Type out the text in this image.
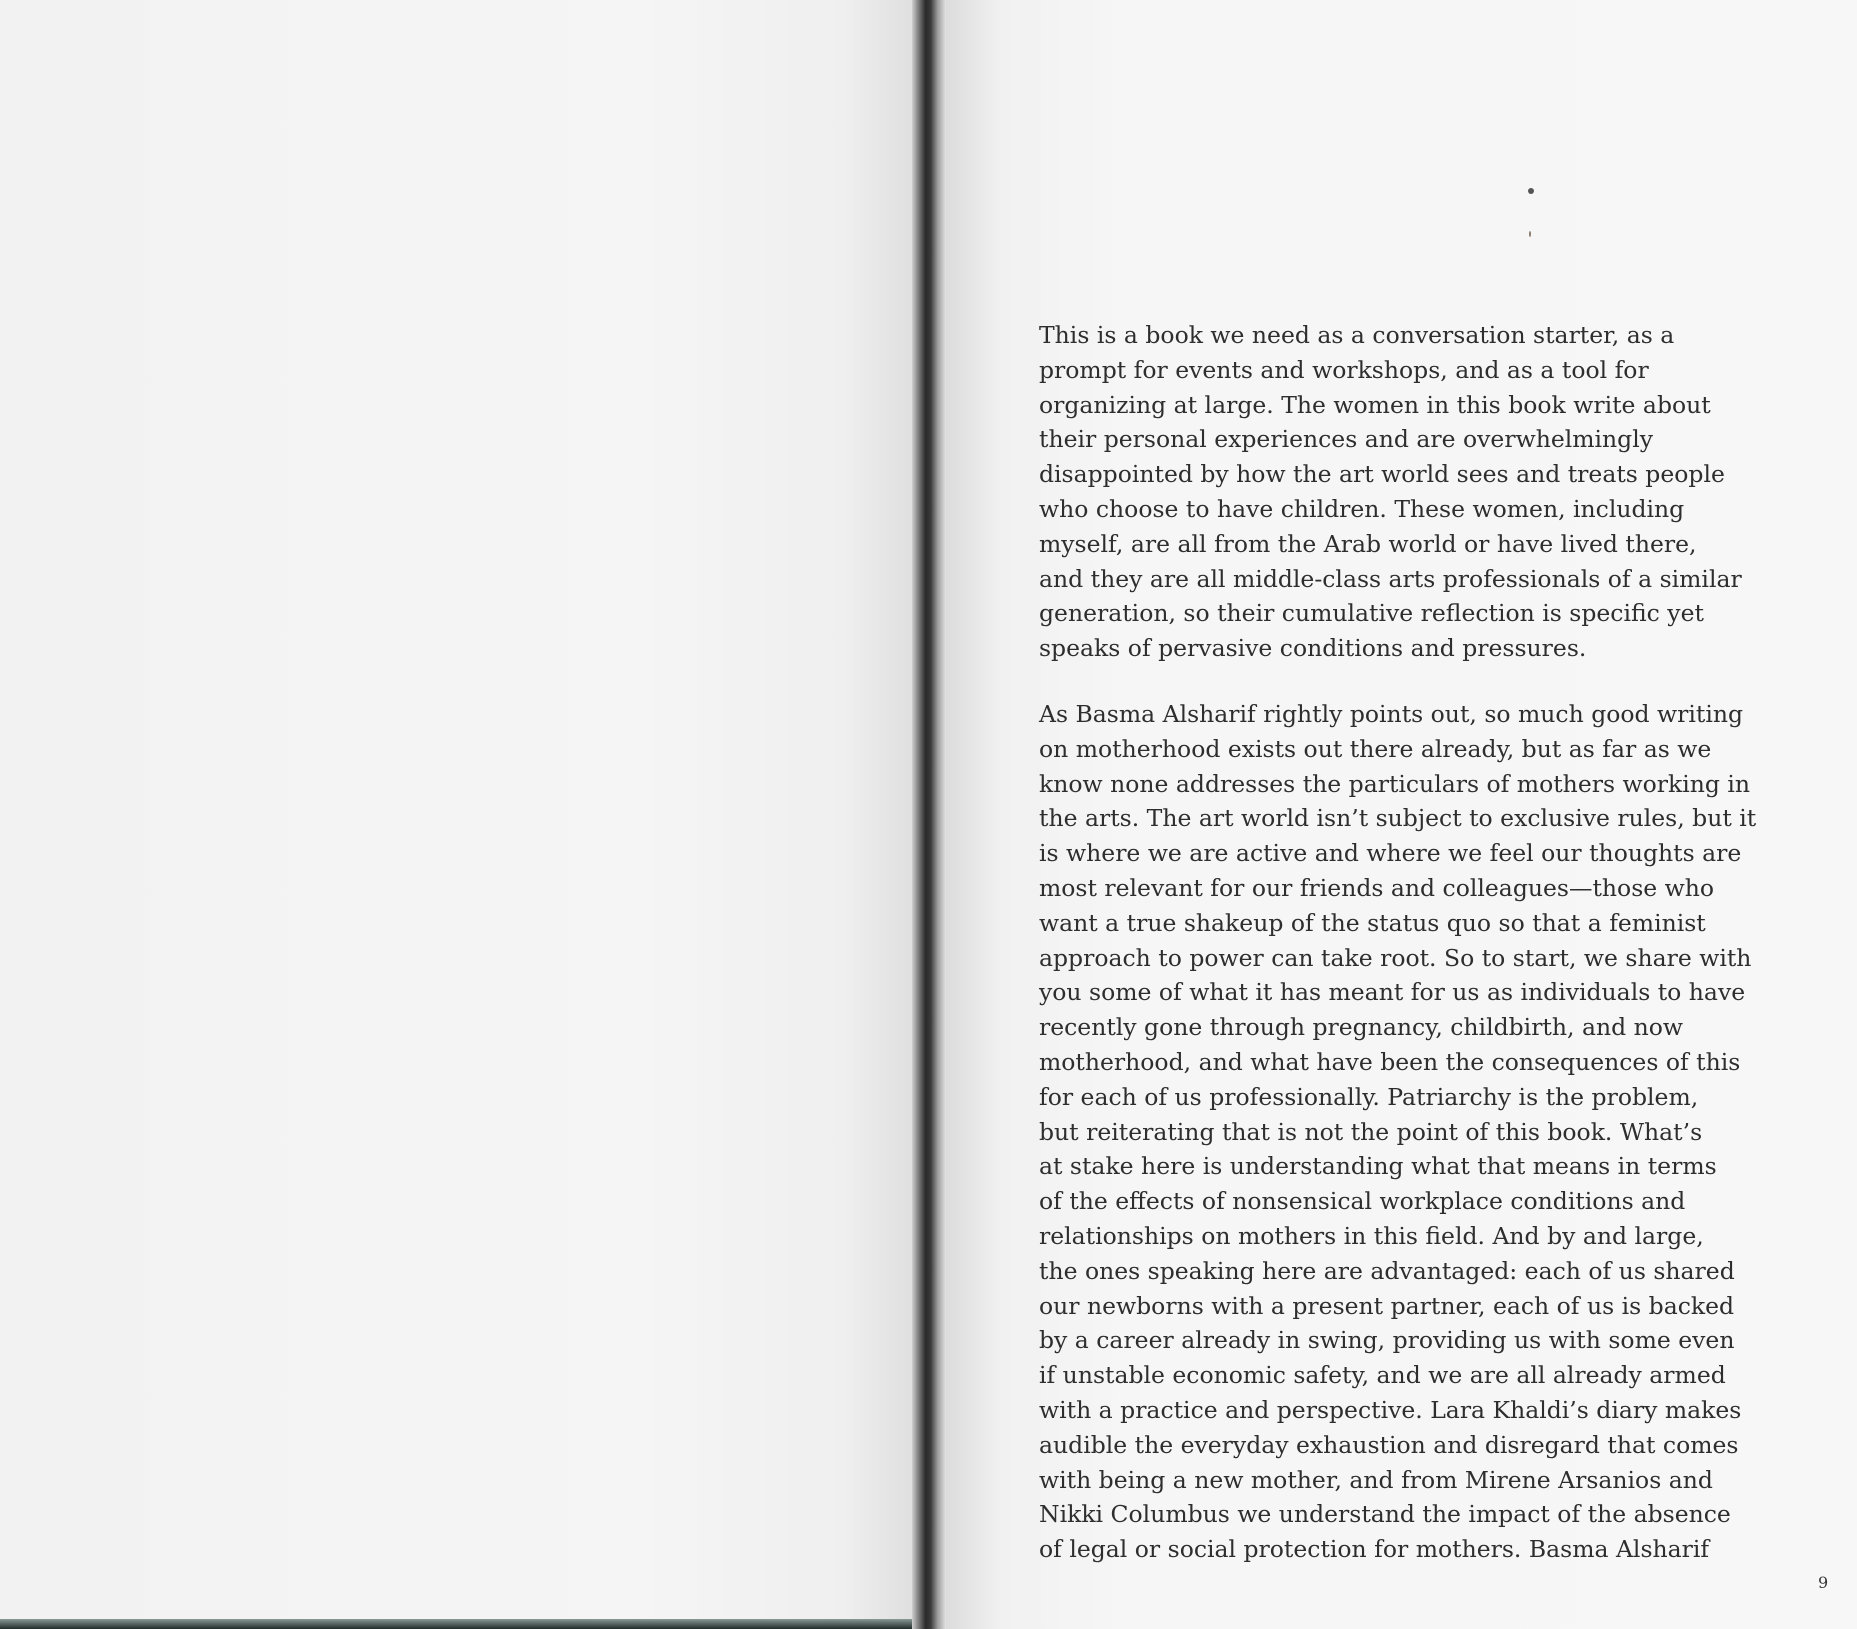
This is a book we need as a conversation starter, as a
prompt for events and workshops, and as a tool for
organizing at large. The women in this book write about
their personal experiences and are overwhelmingly
disappointed by how the art world sees and treats people
who choose to have children. These women, including
myself, are all from the Arab world or have lived there,
and they are all middle-class arts professionals of a similar
generation, so their cumulative reflection is specific yet
speaks of pervasive conditions and pressures.

As Basma Alsharif rightly points out, so much good writing
on motherhood exists out there already, but as far as we
know none addresses the particulars of mothers working in
the arts. The art world isn’t subject to exclusive rules, but it
is where we are active and where we feel our thoughts are
most relevant for our friends and colleagues—those who
want a true shakeup of the status quo so that a feminist
approach to power can take root. So to start, we share with
you some of what it has meant for us as individuals to have
recently gone through pregnancy, childbirth, and now
motherhood, and what have been the consequences of this
for each of us professionally. Patriarchy is the problem,
but reiterating that is not the point of this book. What’s
at stake here is understanding what that means in terms
of the effects of nonsensical workplace conditions and
relationships on mothers in this field. And by and large,
the ones speaking here are advantaged: each of us shared
our newborns with a present partner, each of us is backed
by a career already in swing, providing us with some even
if unstable economic safety, and we are all already armed
with a practice and perspective. Lara Khaldi’s diary makes
audible the everyday exhaustion and disregard that comes
with being a new mother, and from Mirene Arsanios and
Nikki Columbus we understand the impact of the absence
of legal or social protection for mothers. Basma Alsharif

9
